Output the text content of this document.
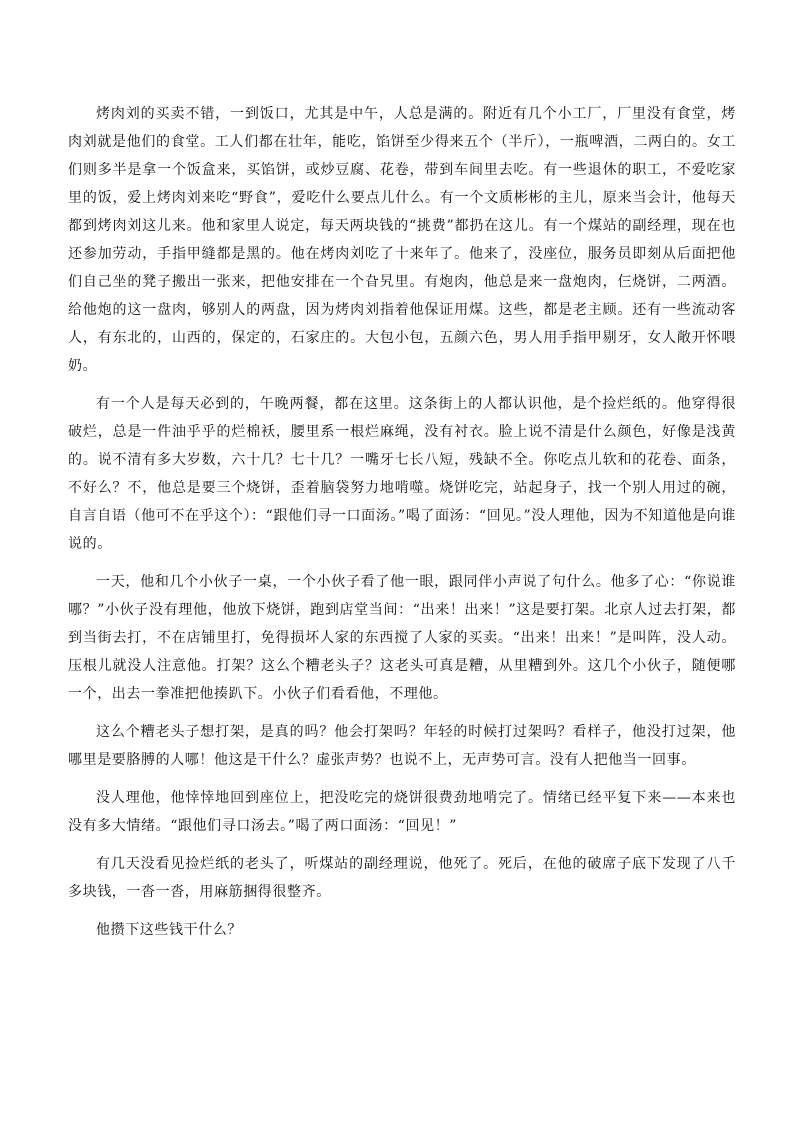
烤肉刘的买卖不错，一到饭口，尤其是中午，人总是满的。附近有几个小工厂，厂里没有食堂，烤肉刘就是他们的食堂。工人们都在壮年，能吃，馅饼至少得来五个（半斤），一瓶啤酒，二两白的。女工们则多半是拿一个饭盒来，买馅饼，或炒豆腐、花卷，带到车间里去吃。有一些退休的职工，不爱吃家里的饭，爱上烤肉刘来吃“野食”，爱吃什么要点儿什么。有一个文质彬彬的主儿，原来当会计，他每天都到烤肉刘这儿来。他和家里人说定，每天两块钱的“挑费”都扔在这儿。有一个煤站的副经理，现在也还参加劳动，手指甲缝都是黑的。他在烤肉刘吃了十来年了。他来了，没座位，服务员即刻从后面把他们自己坐的凳子搬出一张来，把他安排在一个旮旯里。有炮肉，他总是来一盘炮肉，仨烧饼，二两酒。给他炮的这一盘肉，够别人的两盘，因为烤肉刘指着他保证用煤。这些，都是老主顾。还有一些流动客人，有东北的，山西的，保定的，石家庄的。大包小包，五颜六色，男人用手指甲剔牙，女人敞开怀喂奶。

有一个人是每天必到的，午晚两餐，都在这里。这条街上的人都认识他，是个捡烂纸的。他穿得很破烂，总是一件油乎乎的烂棉袄，腰里系一根烂麻绳，没有衬衣。脸上说不清是什么颜色，好像是浅黄的。说不清有多大岁数，六十几？七十几？一嘴牙七长八短，残缺不全。你吃点儿软和的花卷、面条，不好么？不，他总是要三个烧饼，歪着脑袋努力地啃噬。烧饼吃完，站起身子，找一个别人用过的碗，自言自语（他可不在乎这个）：“跟他们寻一口面汤。”喝了面汤：“回见。”没人理他，因为不知道他是向谁说的。

一天，他和几个小伙子一桌，一个小伙子看了他一眼，跟同伴小声说了句什么。他多了心：“你说谁哪？”小伙子没有理他，他放下烧饼，跑到店堂当间：“出来！出来！”这是要打架。北京人过去打架，都到当街去打，不在店铺里打，免得损坏人家的东西搅了人家的买卖。“出来！出来！”是叫阵，没人动。压根儿就没人注意他。打架？这么个糟老头子？这老头可真是糟，从里糟到外。这几个小伙子，随便哪一个，出去一拳准把他揍趴下。小伙子们看看他，不理他。

这么个糟老头子想打架，是真的吗？他会打架吗？年轻的时候打过架吗？看样子，他没打过架，他哪里是要胳膊的人哪！他这是干什么？虚张声势？也说不上，无声势可言。没有人把他当一回事。

没人理他，他悻悻地回到座位上，把没吃完的烧饼很费劲地啃完了。情绪已经平复下来——本来也没有多大情绪。“跟他们寻口汤去。”喝了两口面汤：“回见！”

有几天没看见捡烂纸的老头了，听煤站的副经理说，他死了。死后，在他的破席子底下发现了八千多块钱，一沓一沓，用麻筋捆得很整齐。

他攒下这些钱干什么？
